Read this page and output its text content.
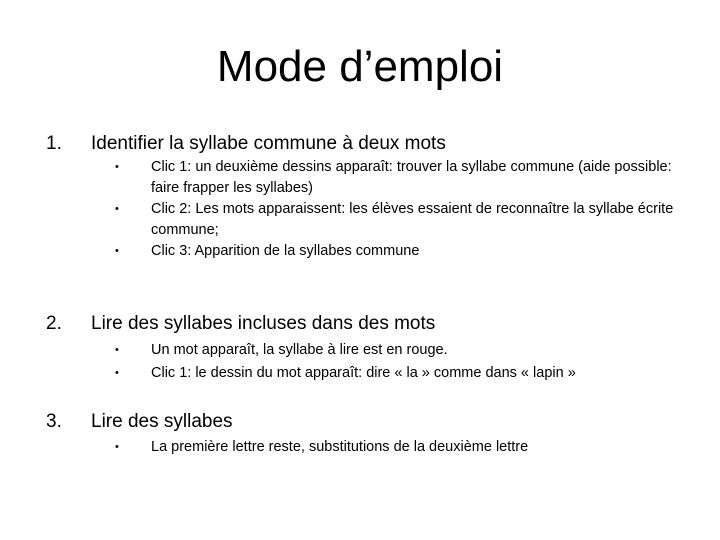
Mode d’emploi
1. Identifier la syllabe commune à deux mots
• Clic 1: un deuxième dessins apparaît: trouver la syllabe commune (aide possible: faire frapper les syllabes)
• Clic 2: Les mots apparaissent: les élèves essaient de reconnaître la syllabe écrite commune;
• Clic 3: Apparition de la syllabes commune
2. Lire des syllabes incluses dans des mots
• Un mot apparaît, la syllabe à lire est en rouge.
• Clic 1: le dessin du mot apparaît: dire « la » comme dans « lapin »
3. Lire des syllabes
• La première lettre reste, substitutions de la deuxième lettre
